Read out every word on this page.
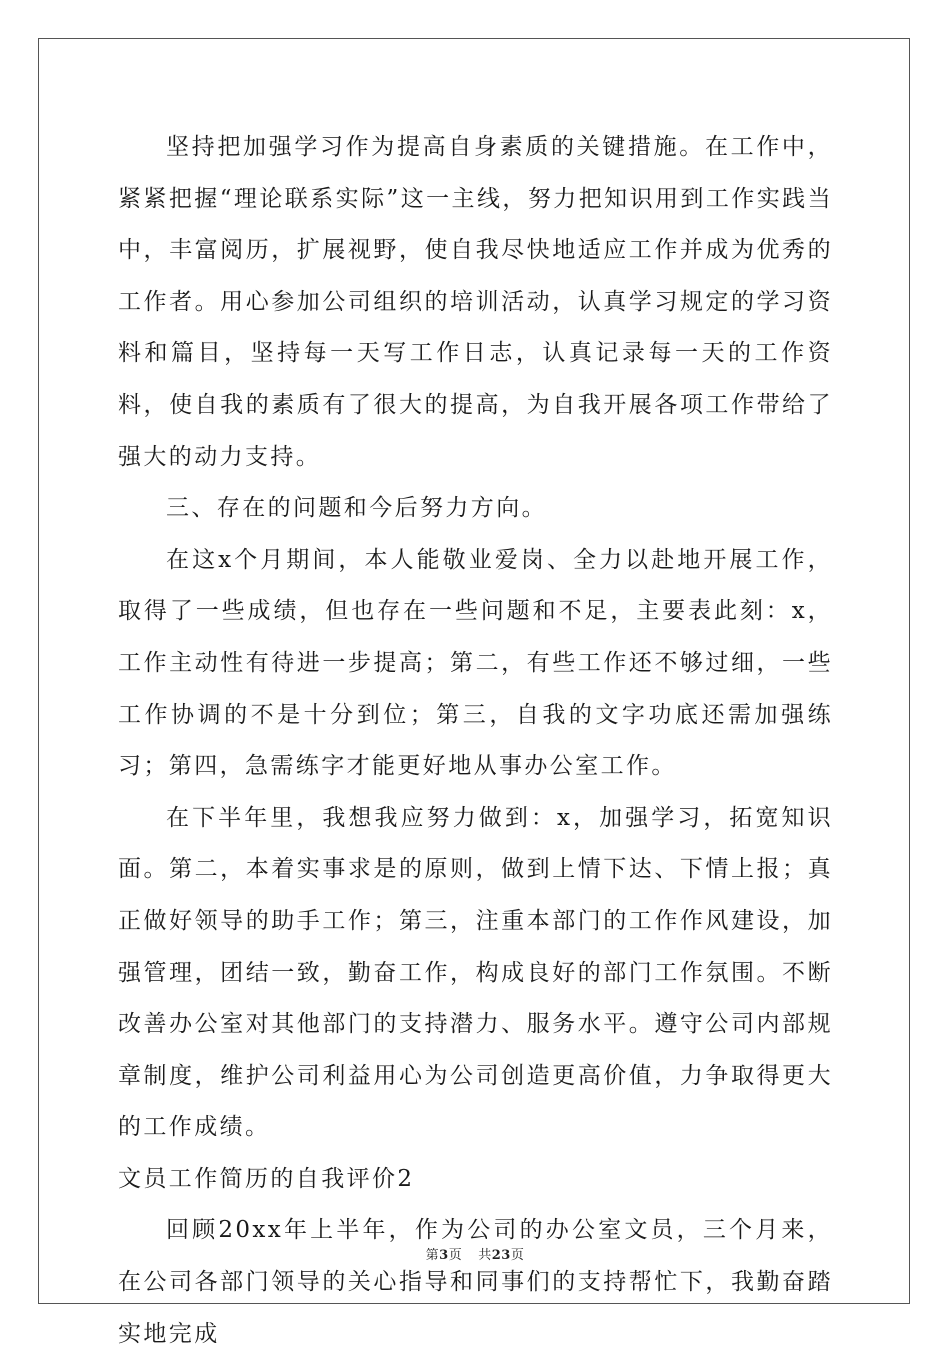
坚持把加强学习作为提高自身素质的关键措施。在工作中，紧紧把握“理论联系实际”这一主线，努力把知识用到工作实践当中，丰富阅历，扩展视野，使自我尽快地适应工作并成为优秀的工作者。用心参加公司组织的培训活动，认真学习规定的学习资料和篇目，坚持每一天写工作日志，认真记录每一天的工作资料，使自我的素质有了很大的提高，为自我开展各项工作带给了强大的动力支持。

三、存在的问题和今后努力方向。

在这x个月期间，本人能敬业爱岗、全力以赴地开展工作，取得了一些成绩，但也存在一些问题和不足，主要表此刻：x，工作主动性有待进一步提高；第二，有些工作还不够过细，一些工作协调的不是十分到位；第三，自我的文字功底还需加强练习；第四，急需练字才能更好地从事办公室工作。

在下半年里，我想我应努力做到：x，加强学习，拓宽知识面。第二，本着实事求是的原则，做到上情下达、下情上报；真正做好领导的助手工作；第三，注重本部门的工作作风建设，加强管理，团结一致，勤奋工作，构成良好的部门工作氛围。不断改善办公室对其他部门的支持潜力、服务水平。遵守公司内部规章制度，维护公司利益用心为公司创造更高价值，力争取得更大的工作成绩。

文员工作简历的自我评价2

回顾20xx年上半年，作为公司的办公室文员，三个月来，在公司各部门领导的关心指导和同事们的支持帮忙下，我勤奋踏实地完成

第3页 共23页
